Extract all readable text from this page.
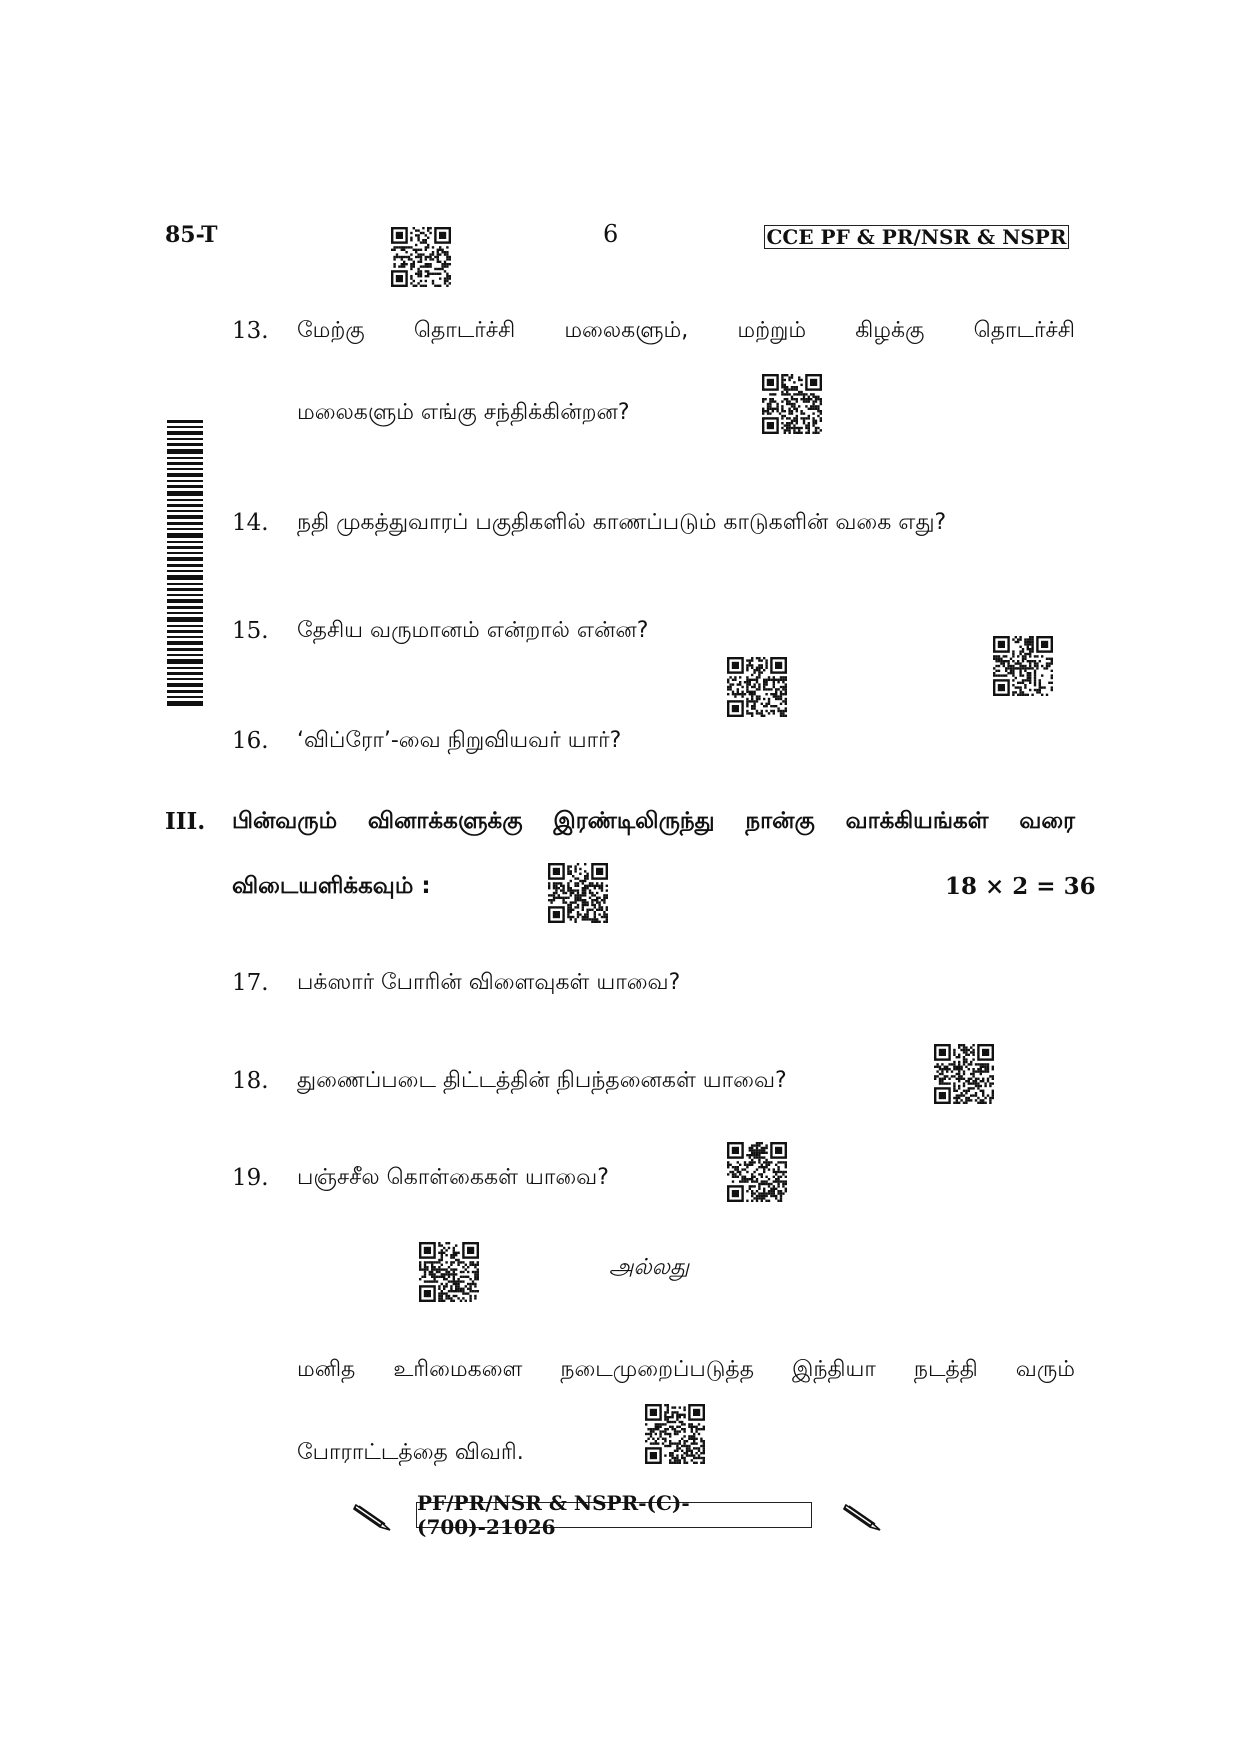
85-T	6	CCE PF & PR/NSR & NSPR
13. மேற்கு தொடர்ச்சி மலைகளும், மற்றும் கிழக்கு தொடர்ச்சி
மலைகளும் எங்கு சந்திக்கின்றன?
14. நதி முகத்துவாரப் பகுதிகளில் காணப்படும் காடுகளின் வகை எது?
15. தேசிய வருமானம் என்றால் என்ன?
16. ‘விப்ரோ’-வை நிறுவியவர் யார்?
III. பின்வரும் வினாக்களுக்கு இரண்டிலிருந்து நான்கு வாக்கியங்கள் வரை
விடையளிக்கவும் :	18 × 2 = 36
17. பக்ஸார் போரின் விளைவுகள் யாவை?
18. துணைப்படை திட்டத்தின் நிபந்தனைகள் யாவை?
19. பஞ்சசீல கொள்கைகள் யாவை?
அல்லது
மனித உரிமைகளை நடைமுறைப்படுத்த இந்தியா நடத்தி வரும்
போராட்டத்தை விவரி.
PF/PR/NSR & NSPR-(C)-(700)-21026
